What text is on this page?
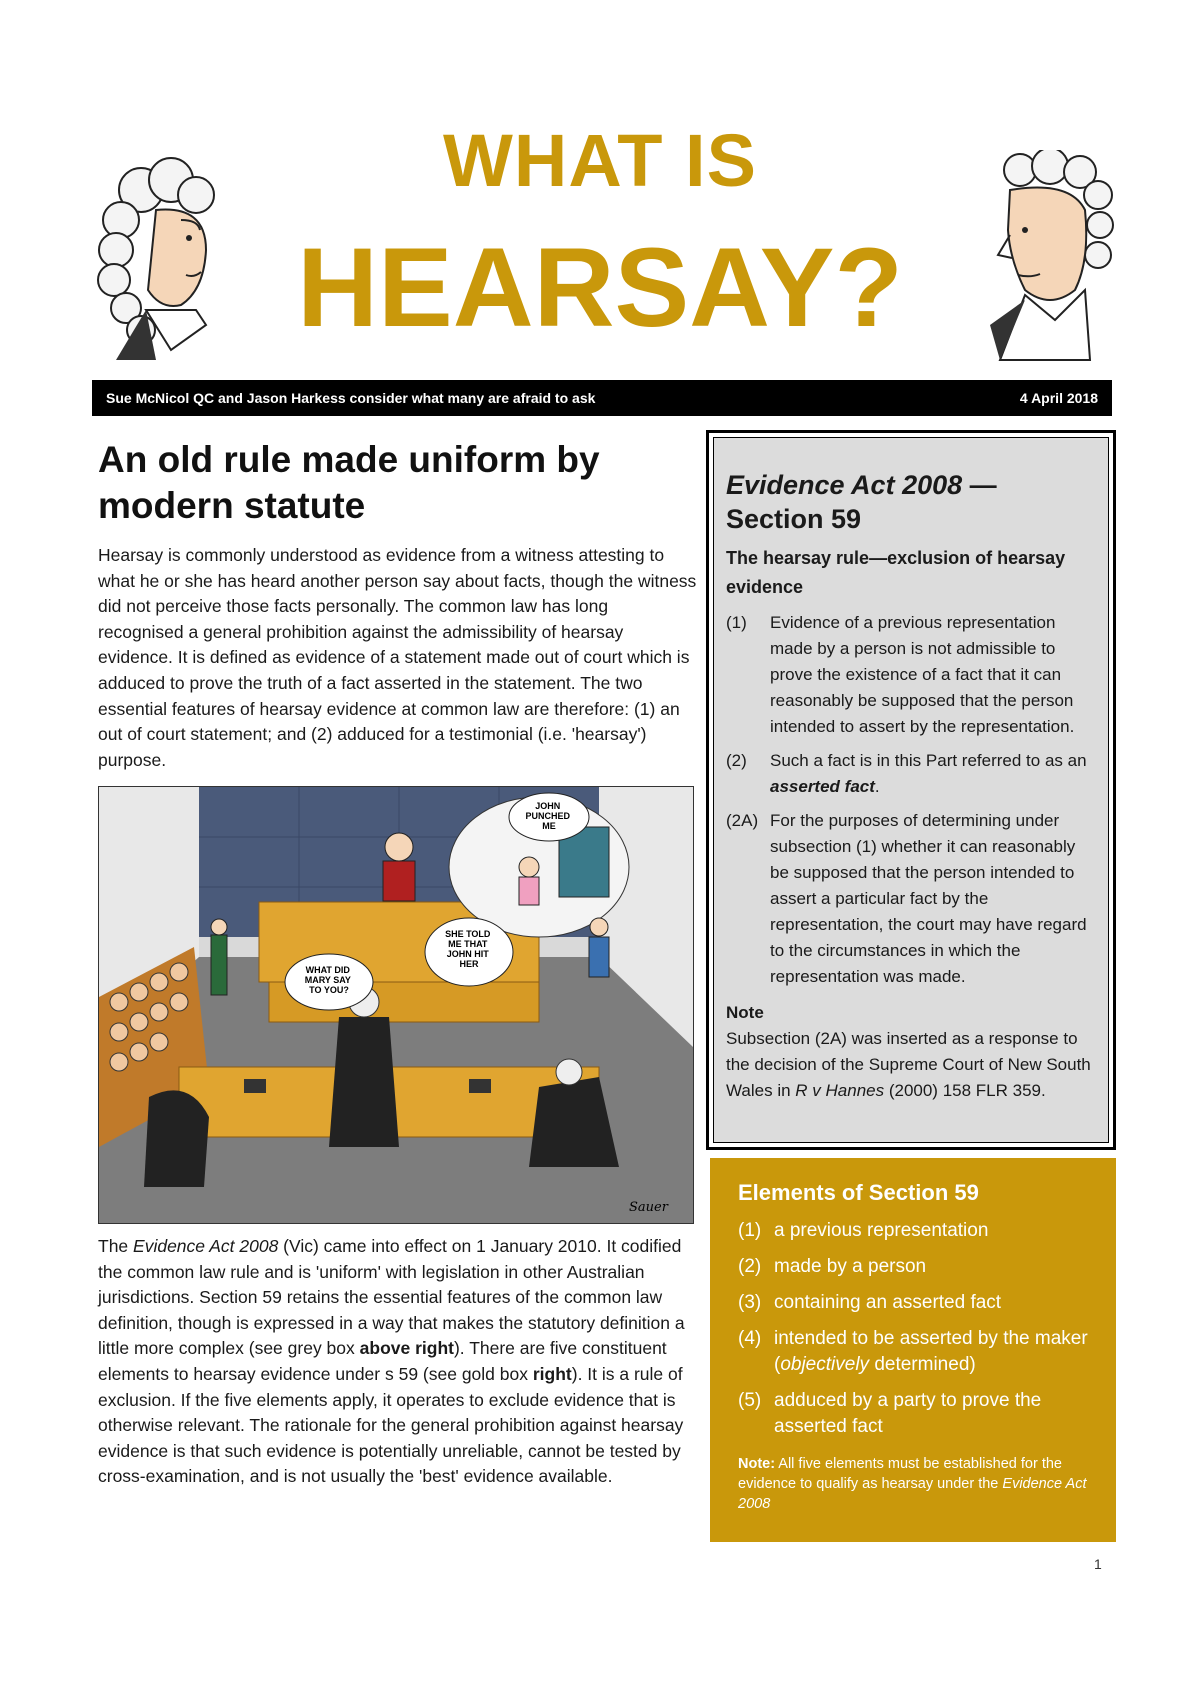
WHAT IS
HEARSAY?
Sue McNicol QC and Jason Harkess consider what many are afraid to ask	4 April 2018
An old rule made uniform by modern statute
Hearsay is commonly understood as evidence from a witness attesting to what he or she has heard another person say about facts, though the witness did not perceive those facts personally. The common law has long recognised a general prohibition against the admissibility of hearsay evidence. It is defined as evidence of a statement made out of court which is adduced to prove the truth of a fact asserted in the statement. The two essential features of hearsay evidence at common law are therefore: (1) an out of court statement; and (2) adduced for a testimonial (i.e. 'hearsay') purpose.
JOHN PUNCHED ME
SHE TOLD ME THAT JOHN HIT HER
WHAT DID MARY SAY TO YOU?
Sauer
The Evidence Act 2008 (Vic) came into effect on 1 January 2010. It codified the common law rule and is 'uniform' with legislation in other Australian jurisdictions. Section 59 retains the essential features of the common law definition, though is expressed in a way that makes the statutory definition a little more complex (see grey box above right). There are five constituent elements to hearsay evidence under s 59 (see gold box right). It is a rule of exclusion. If the five elements apply, it operates to exclude evidence that is otherwise relevant. The rationale for the general prohibition against hearsay evidence is that such evidence is potentially unreliable, cannot be tested by cross-examination, and is not usually the 'best' evidence available.
Evidence Act 2008 —
Section 59
The hearsay rule—exclusion of hearsay evidence
(1)	Evidence of a previous representation made by a person is not admissible to prove the existence of a fact that it can reasonably be supposed that the person intended to assert by the representation.
(2)	Such a fact is in this Part referred to as an asserted fact.
(2A) For the purposes of determining under subsection (1) whether it can reasonably be supposed that the person intended to assert a particular fact by the representation, the court may have regard to the circumstances in which the representation was made.
Note
Subsection (2A) was inserted as a response to the decision of the Supreme Court of New South Wales in R v Hannes (2000) 158 FLR 359.
Elements of Section 59
(1) a previous representation
(2) made by a person
(3) containing an asserted fact
(4) intended to be asserted by the maker (objectively determined)
(5) adduced by a party to prove the asserted fact
Note: All five elements must be established for the evidence to qualify as hearsay under the Evidence Act 2008
1
